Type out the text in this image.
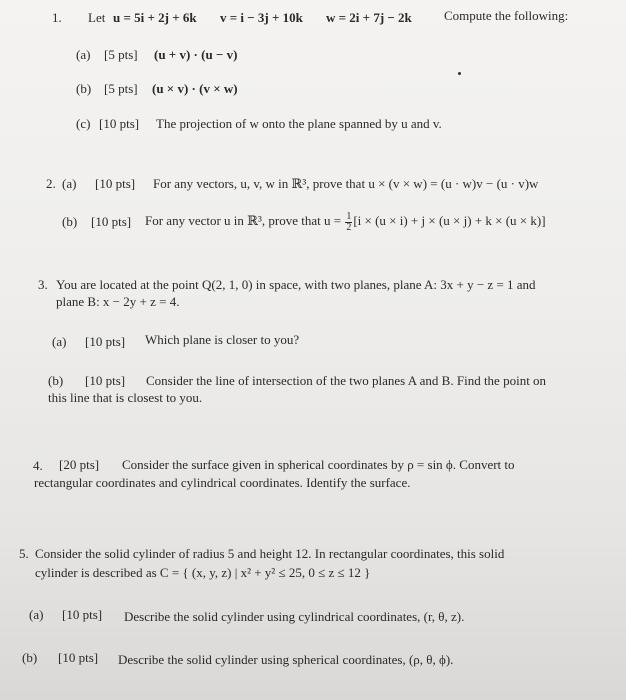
1. Let u = 5i + 2j + 6k v = i − 3j + 10k w = 2i + 7j − 2k Compute the following:
(a) [5 pts] (u + v) · (u − v)
(b) [5 pts] (u × v) · (v × w)
(c) [10 pts] The projection of w onto the plane spanned by u and v.
2. (a) [10 pts] For any vectors, u, v, w in ℝ³, prove that u × (v × w) = (u · w)v − (u · v)w
(b) [10 pts] For any vector u in ℝ³, prove that $u = \frac{1}{2} [i \times (u \times i) + j \times (u \times j) + k \times (u \times k)]$
3. You are located at the point Q(2, 1, 0) in space, with two planes, plane A: 3x + y − z = 1 and
plane B: x − 2y + z = 4.
(a) [10 pts] Which plane is closer to you?
(b) [10 pts] Consider the line of intersection of the two planes A and B. Find the point on
this line that is closest to you.
4. [20 pts] Consider the surface given in spherical coordinates by ρ = sin ϕ. Convert to
rectangular coordinates and cylindrical coordinates. Identify the surface.
5. Consider the solid cylinder of radius 5 and height 12. In rectangular coordinates, this solid
cylinder is described as C = { (x, y, z) | x² + y² ≤ 25, 0 ≤ z ≤ 12 }
(a) [10 pts] Describe the solid cylinder using cylindrical coordinates, (r, θ, z).
(b) [10 pts] Describe the solid cylinder using spherical coordinates, (ρ, θ, ϕ).
